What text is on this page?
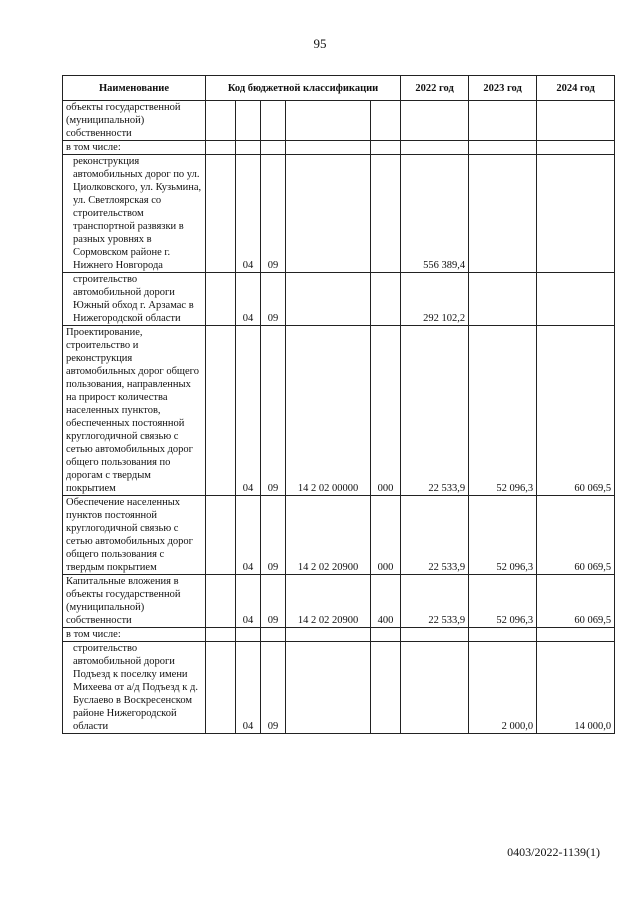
95
Наименование	Код бюджетной классификации					2022 год	2023 год	2024 год
объекты государственной (муниципальной) собственности								
в том числе:								
реконструкция автомобильных дорог по ул. Циолковского, ул. Кузьмина, ул. Светлоярская со строительством транспортной развязки в разных уровнях в Сормовском районе г. Нижнего Новгорода		04	09			556 389,4		
строительство автомобильной дороги Южный обход г. Арзамас в Нижегородской области		04	09			292 102,2		
Проектирование, строительство и реконструкция автомобильных дорог общего пользования, направленных на прирост количества населенных пунктов, обеспеченных постоянной круглогодичной связью с сетью автомобильных дорог общего пользования по дорогам с твердым покрытием		04	09	14 2 02 00000	000	22 533,9	52 096,3	60 069,5
Обеспечение населенных пунктов постоянной круглогодичной связью с сетью автомобильных дорог общего пользования с твердым покрытием		04	09	14 2 02 20900	000	22 533,9	52 096,3	60 069,5
Капитальные вложения в объекты государственной (муниципальной) собственности		04	09	14 2 02 20900	400	22 533,9	52 096,3	60 069,5
в том числе:								
строительство автомобильной дороги Подъезд к поселку имени Михеева от а/д Подъезд к д. Буслаево в Воскресенском районе Нижегородской области		04	09				2 000,0	14 000,0
0403/2022-1139(1)
